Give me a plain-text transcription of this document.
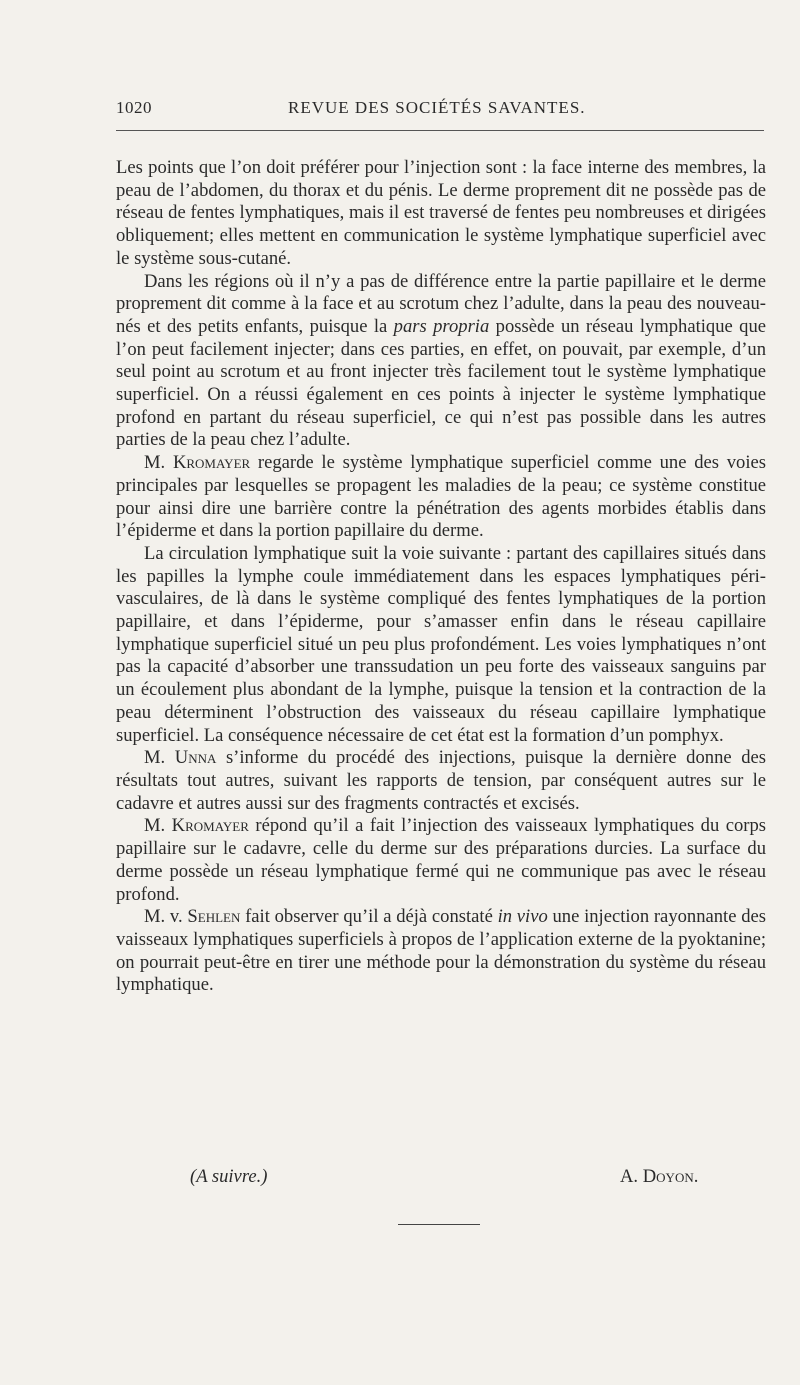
1020	REVUE DES SOCIÉTÉS SAVANTES.

Les points que l’on doit préférer pour l’injection sont : la face interne des membres, la peau de l’abdomen, du thorax et du pénis. Le derme proprement dit ne possède pas de réseau de fentes lymphatiques, mais il est traversé de fentes peu nombreuses et dirigées obliquement; elles mettent en communication le système lymphatique superficiel avec le système sous-cutané.

Dans les régions où il n’y a pas de différence entre la partie papillaire et le derme proprement dit comme à la face et au scrotum chez l’adulte, dans la peau des nouveau-nés et des petits enfants, puisque la pars propria possède un réseau lymphatique que l’on peut facilement injecter; dans ces parties, en effet, on pouvait, par exemple, d’un seul point au scrotum et au front injecter très facilement tout le système lymphatique superficiel. On a réussi également en ces points à injecter le système lymphatique profond en partant du réseau superficiel, ce qui n’est pas possible dans les autres parties de la peau chez l’adulte.

M. Kromayer regarde le système lymphatique superficiel comme une des voies principales par lesquelles se propagent les maladies de la peau; ce système constitue pour ainsi dire une barrière contre la pénétration des agents morbides établis dans l’épiderme et dans la portion papillaire du derme.

La circulation lymphatique suit la voie suivante : partant des capillaires situés dans les papilles la lymphe coule immédiatement dans les espaces lymphatiques péri-vasculaires, de là dans le système compliqué des fentes lymphatiques de la portion papillaire, et dans l’épiderme, pour s’amasser enfin dans le réseau capillaire lymphatique superficiel situé un peu plus profondément. Les voies lymphatiques n’ont pas la capacité d’absorber une transsudation un peu forte des vaisseaux sanguins par un écoulement plus abondant de la lymphe, puisque la tension et la contraction de la peau déterminent l’obstruction des vaisseaux du réseau capillaire lymphatique superficiel. La conséquence nécessaire de cet état est la formation d’un pomphyx.

M. Unna s’informe du procédé des injections, puisque la dernière donne des résultats tout autres, suivant les rapports de tension, par conséquent autres sur le cadavre et autres aussi sur des fragments contractés et excisés.

M. Kromayer répond qu’il a fait l’injection des vaisseaux lymphatiques du corps papillaire sur le cadavre, celle du derme sur des préparations durcies. La surface du derme possède un réseau lymphatique fermé qui ne communique pas avec le réseau profond.

M. v. Sehlen fait observer qu’il a déjà constaté in vivo une injection rayonnante des vaisseaux lymphatiques superficiels à propos de l’application externe de la pyoktanine; on pourrait peut-être en tirer une méthode pour la démonstration du système du réseau lymphatique.

(A suivre.)	A. Doyon.
